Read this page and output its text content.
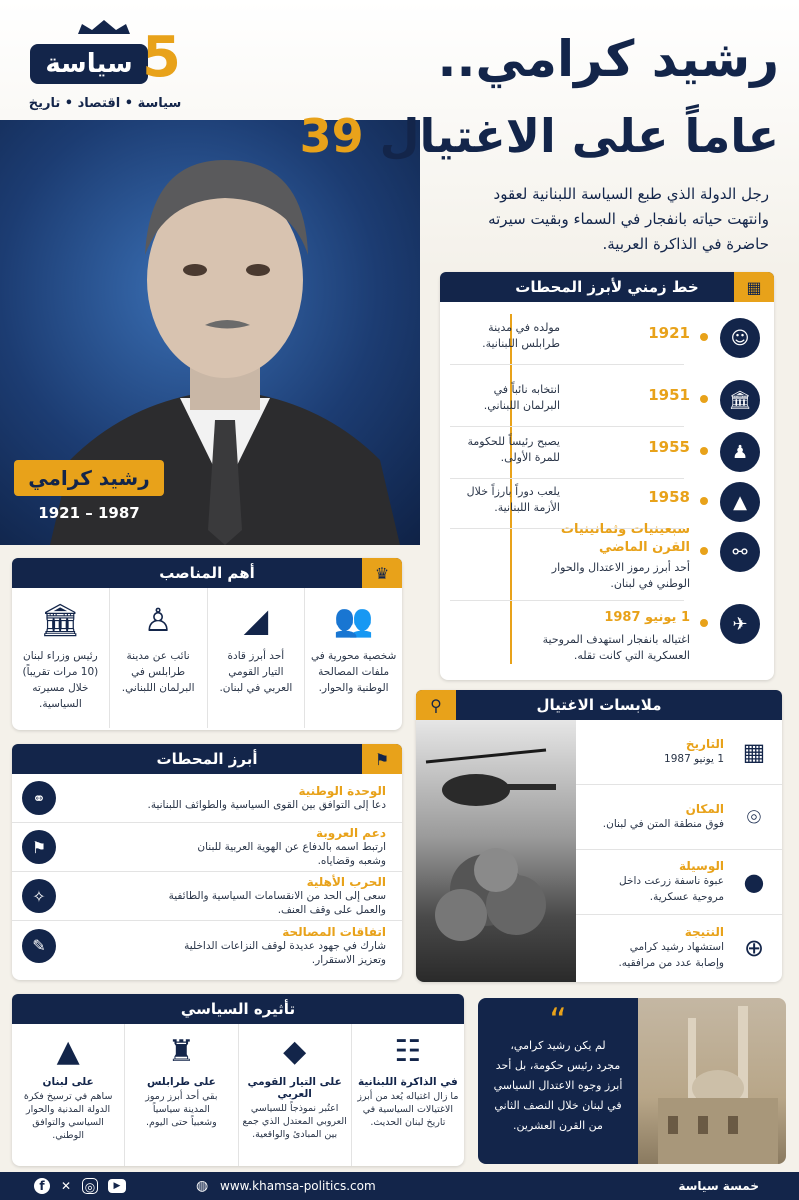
سياسة 5
سياسة • اقتصاد • تاريخ
رشيد كرامي..
عاماً على الاغتيال 39
رجل الدولة الذي طبع السياسة اللبنانية لعقود
وانتهت حياته بانفجار في السماء وبقيت سيرته
حاضرة في الذاكرة العربية.
رشيد كرامي
1921 – 1987
خط زمني لأبرز المحطات	▦
☺
1921
مولده في مدينة
طرابلس اللبنانية.
🏛
1951
انتخابه نائباً في
البرلمان اللبناني.
♟
1955
يصبح رئيساً للحكومة
للمرة الأولى.
▲
1958
يلعب دوراً بارزاً خلال
الأزمة اللبنانية.
⚯
سبعينيات وثمانينيات
القرن الماضي
أحد أبرز رموز الاعتدال والحوار
الوطني في لبنان.
✈
1 يونيو 1987
اغتياله بانفجار استهدف المروحية
العسكرية التي كانت تقله.
أهم المناصب	♛
👥
شخصية محورية في
ملفات المصالحة
الوطنية والحوار.
◢
أحد أبرز قادة
التيار القومي
العربي في لبنان.
♙
نائب عن مدينة
طرابلس في
البرلمان اللبناني.
🏛
رئيس وزراء لبنان
(10 مرات تقريباً)
خلال مسيرته
السياسية.
أبرز المحطات	⚑
⚭	الوحدة الوطنية
دعا إلى التوافق بين القوى السياسية والطوائف اللبنانية.
⚑
دعم العروبة
ارتبط اسمه بالدفاع عن الهوية العربية للبنان
وشعبه وقضاياه.
✧
الحرب الأهلية
سعى إلى الحد من الانقسامات السياسية والطائفية
والعمل على وقف العنف.
✎
اتفاقات المصالحة
شارك في جهود عديدة لوقف النزاعات الداخلية
وتعزيز الاستقرار.
ملابسات الاغتيال
⚲
▦
التاريخ
1 يونيو 1987
⌾
المكان
فوق منطقة المتن في لبنان.
●
الوسيلة
عبوة ناسفة زرعت داخل
مروحية عسكرية.
⊕
النتيجة
استشهاد رشيد كرامي
وإصابة عدد من مرافقيه.
تأثيره السياسي
☷
في الذاكرة اللبنانية
ما زال اغتياله يُعد من أبرز
الاغتيالات السياسية في
تاريخ لبنان الحديث.
◆
على التيار القومي العربي
اعتُبر نموذجاً للسياسي
العروبي المعتدل الذي جمع
بين المبادئ والواقعية.
♜
على طرابلس
بقي أحد أبرز رموز
المدينة سياسياً
وشعبياً حتى اليوم.
▲
على لبنان
ساهم في ترسيخ فكرة
الدولة المدنية والحوار
السياسي والتوافق
الوطني.
“
لم يكن رشيد كرامي،
مجرد رئيس حكومة، بل أحد
أبرز وجوه الاعتدال السياسي
في لبنان خلال النصف الثاني
من القرن العشرين.
f	✕ ◎	▶	◍ www.khamsa-politics.com	خمسة سياسة
